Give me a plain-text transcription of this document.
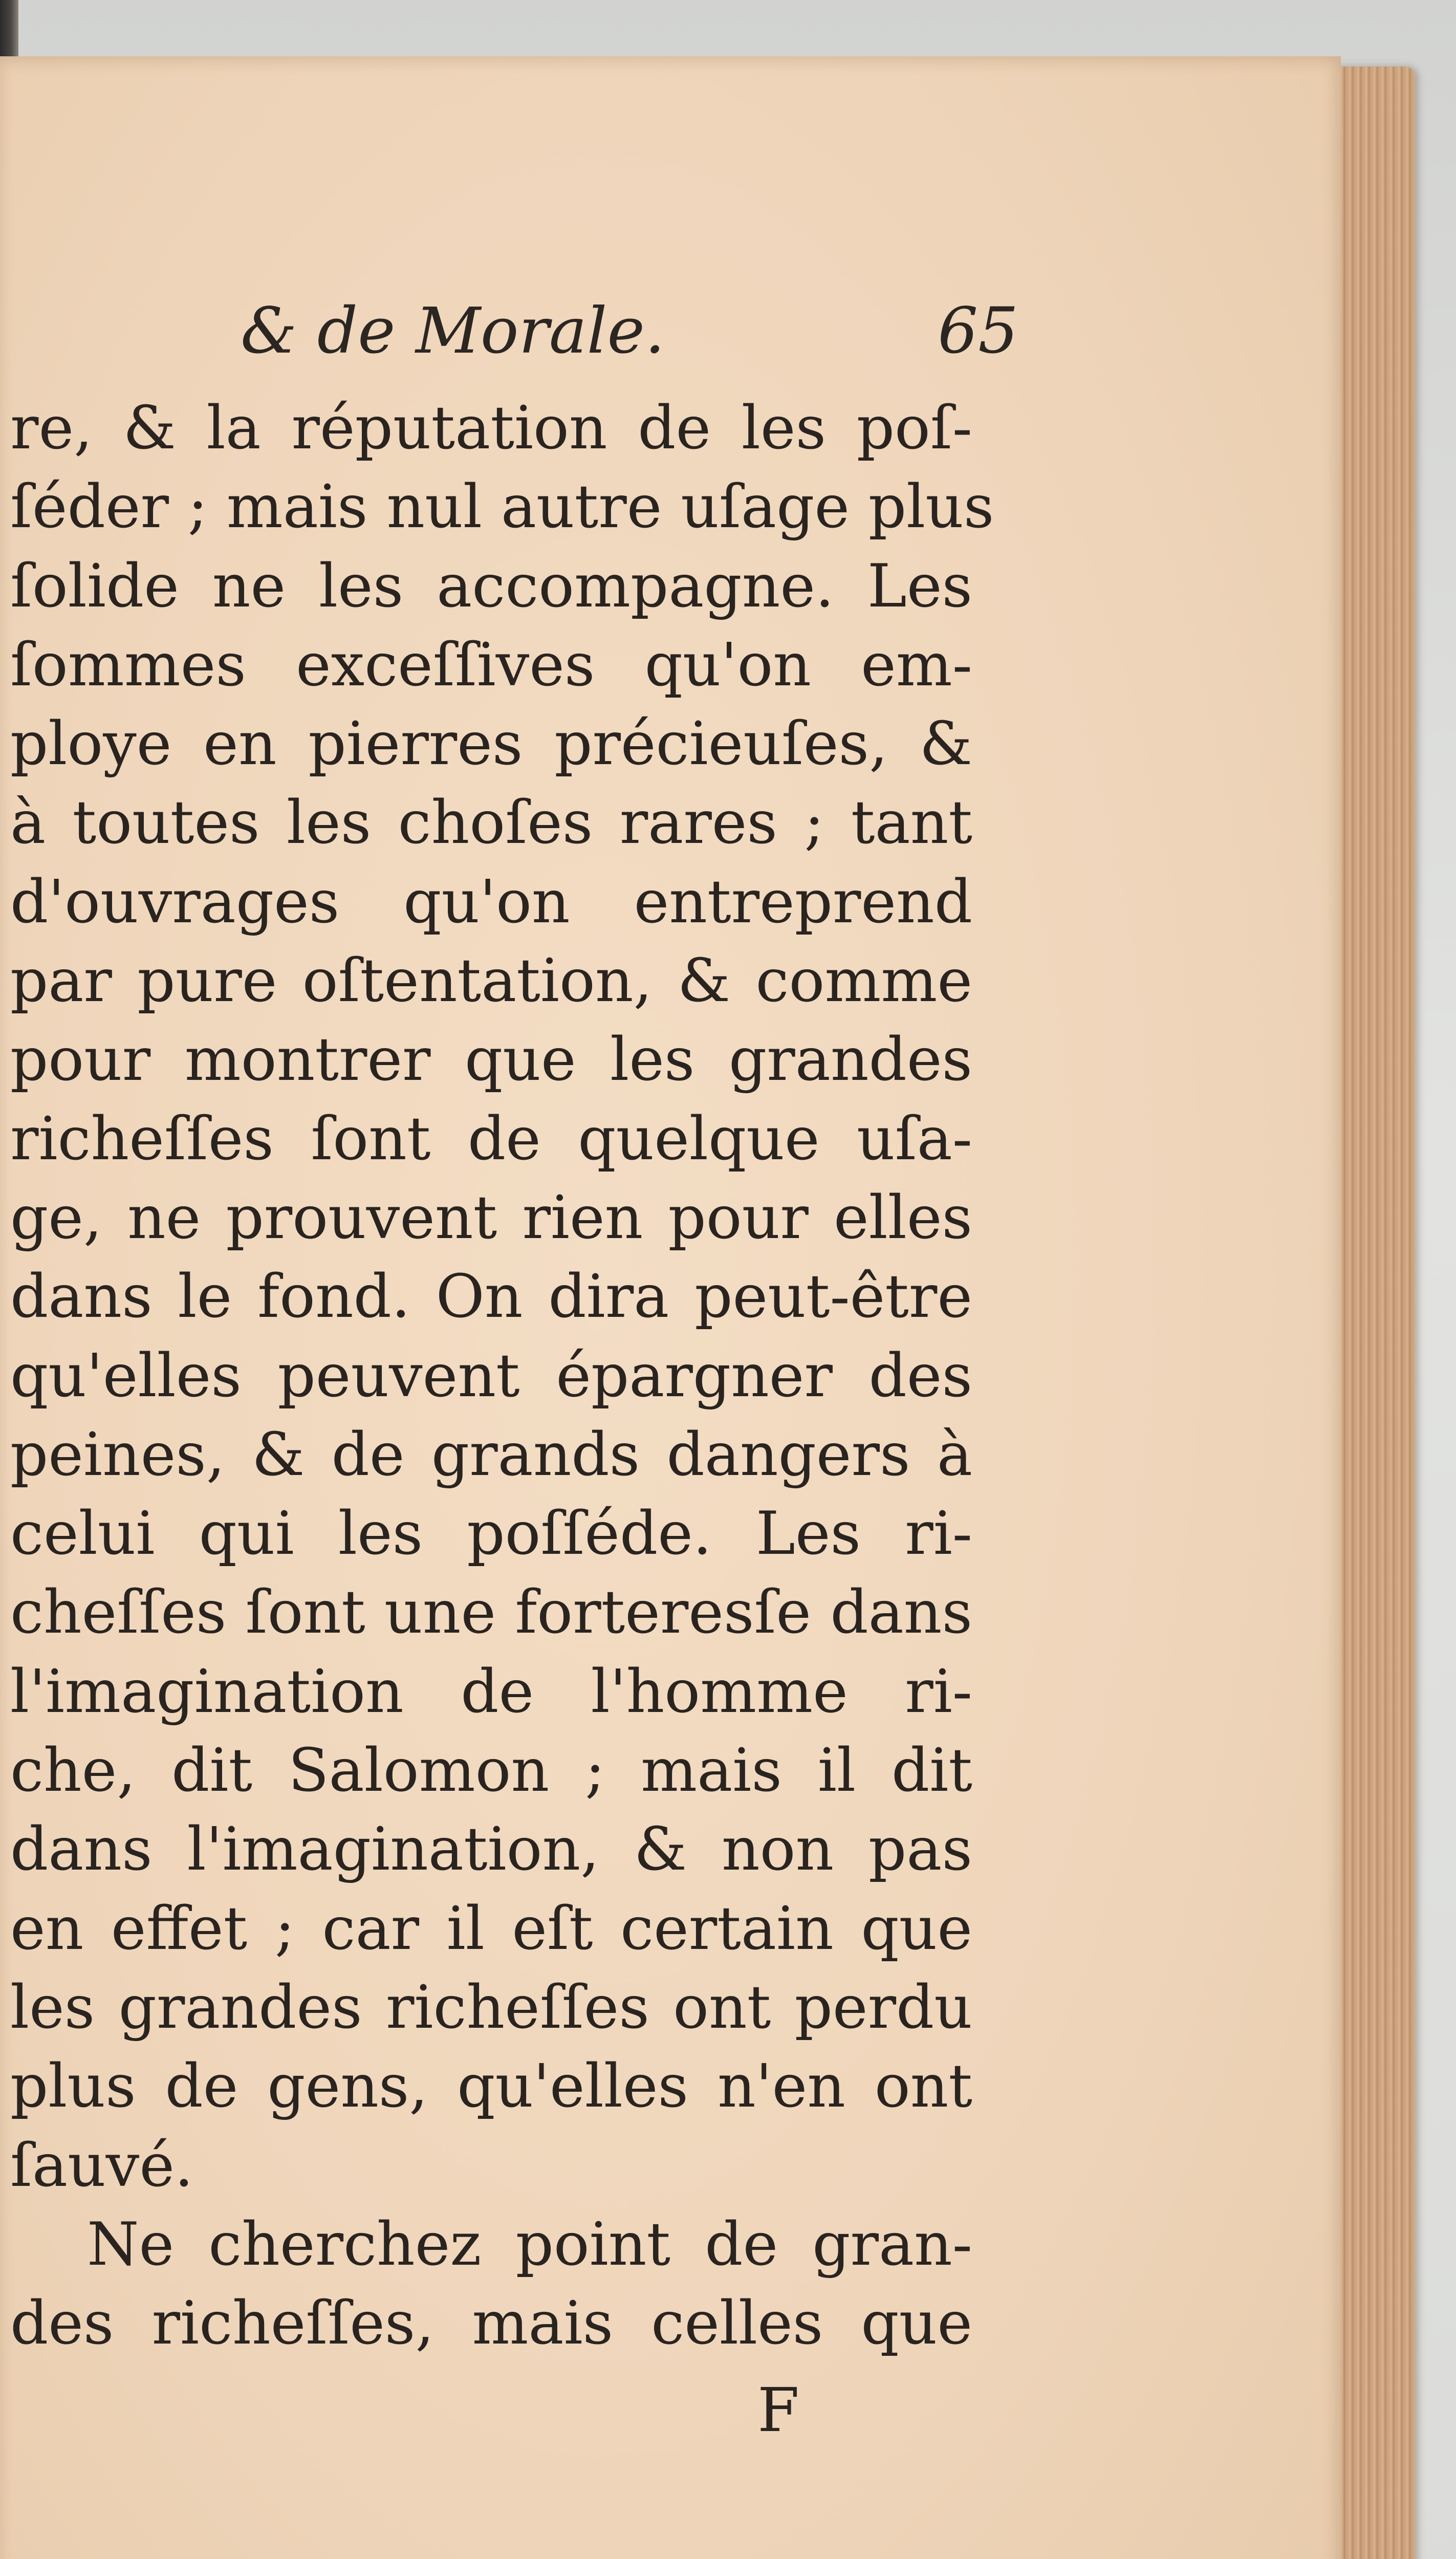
& de Morale.	65
re, & la réputation de les poſ-
ſéder ; mais nul autre uſage plus
ſolide ne les accompagne. Les
ſommes exceſſives qu'on em-
ploye en pierres précieuſes, &
à toutes les choſes rares ; tant
d'ouvrages qu'on entreprend
par pure oſtentation, & comme
pour montrer que les grandes
richeſſes ſont de quelque uſa-
ge, ne prouvent rien pour elles
dans le fond. On dira peut-être
qu'elles peuvent épargner des
peines, & de grands dangers à
celui qui les poſſéde. Les ri-
cheſſes ſont une forteresſe dans
l'imagination de l'homme ri-
che, dit Salomon ; mais il dit
dans l'imagination, & non pas
en effet ; car il eſt certain que
les grandes richeſſes ont perdu
plus de gens, qu'elles n'en ont
ſauvé.
Ne cherchez point de gran-
des richeſſes, mais celles que
F
